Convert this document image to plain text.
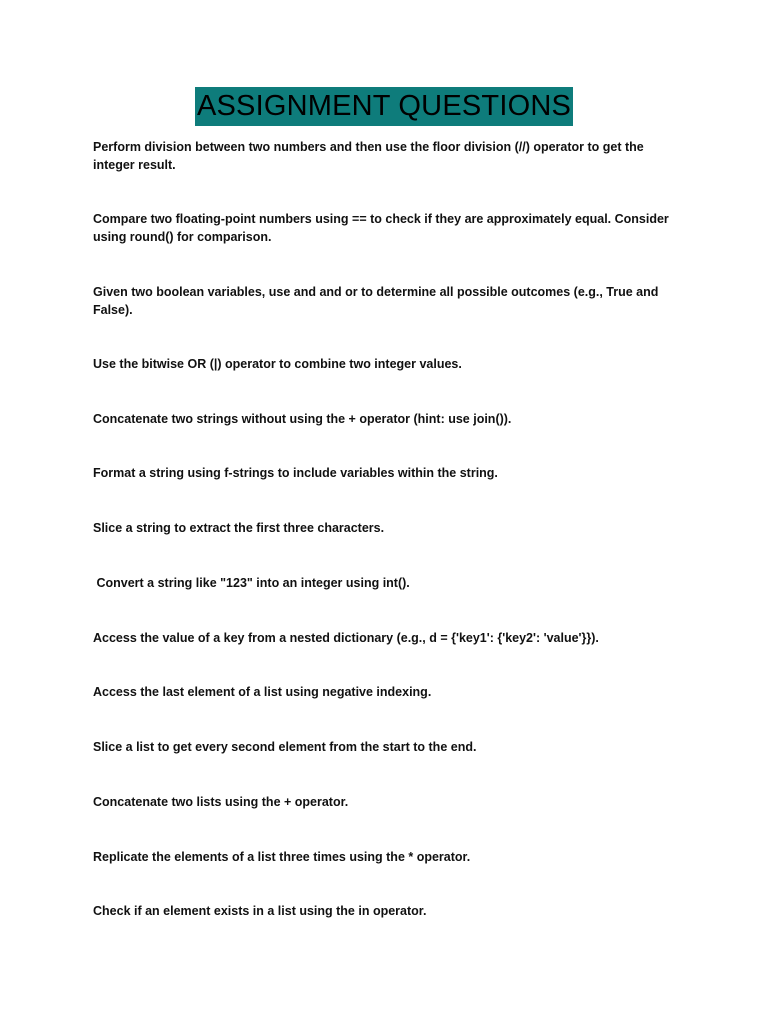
ASSIGNMENT QUESTIONS

Perform division between two numbers and then use the floor division (//) operator to get the integer result.

Compare two floating-point numbers using == to check if they are approximately equal. Consider using round() for comparison.

Given two boolean variables, use and and or to determine all possible outcomes (e.g., True and False).

Use the bitwise OR (|) operator to combine two integer values.

Concatenate two strings without using the + operator (hint: use join()).

Format a string using f-strings to include variables within the string.

Slice a string to extract the first three characters.

Convert a string like "123" into an integer using int().

Access the value of a key from a nested dictionary (e.g., d = {'key1': {'key2': 'value'}}).

Access the last element of a list using negative indexing.

Slice a list to get every second element from the start to the end.

Concatenate two lists using the + operator.

Replicate the elements of a list three times using the * operator.

Check if an element exists in a list using the in operator.
